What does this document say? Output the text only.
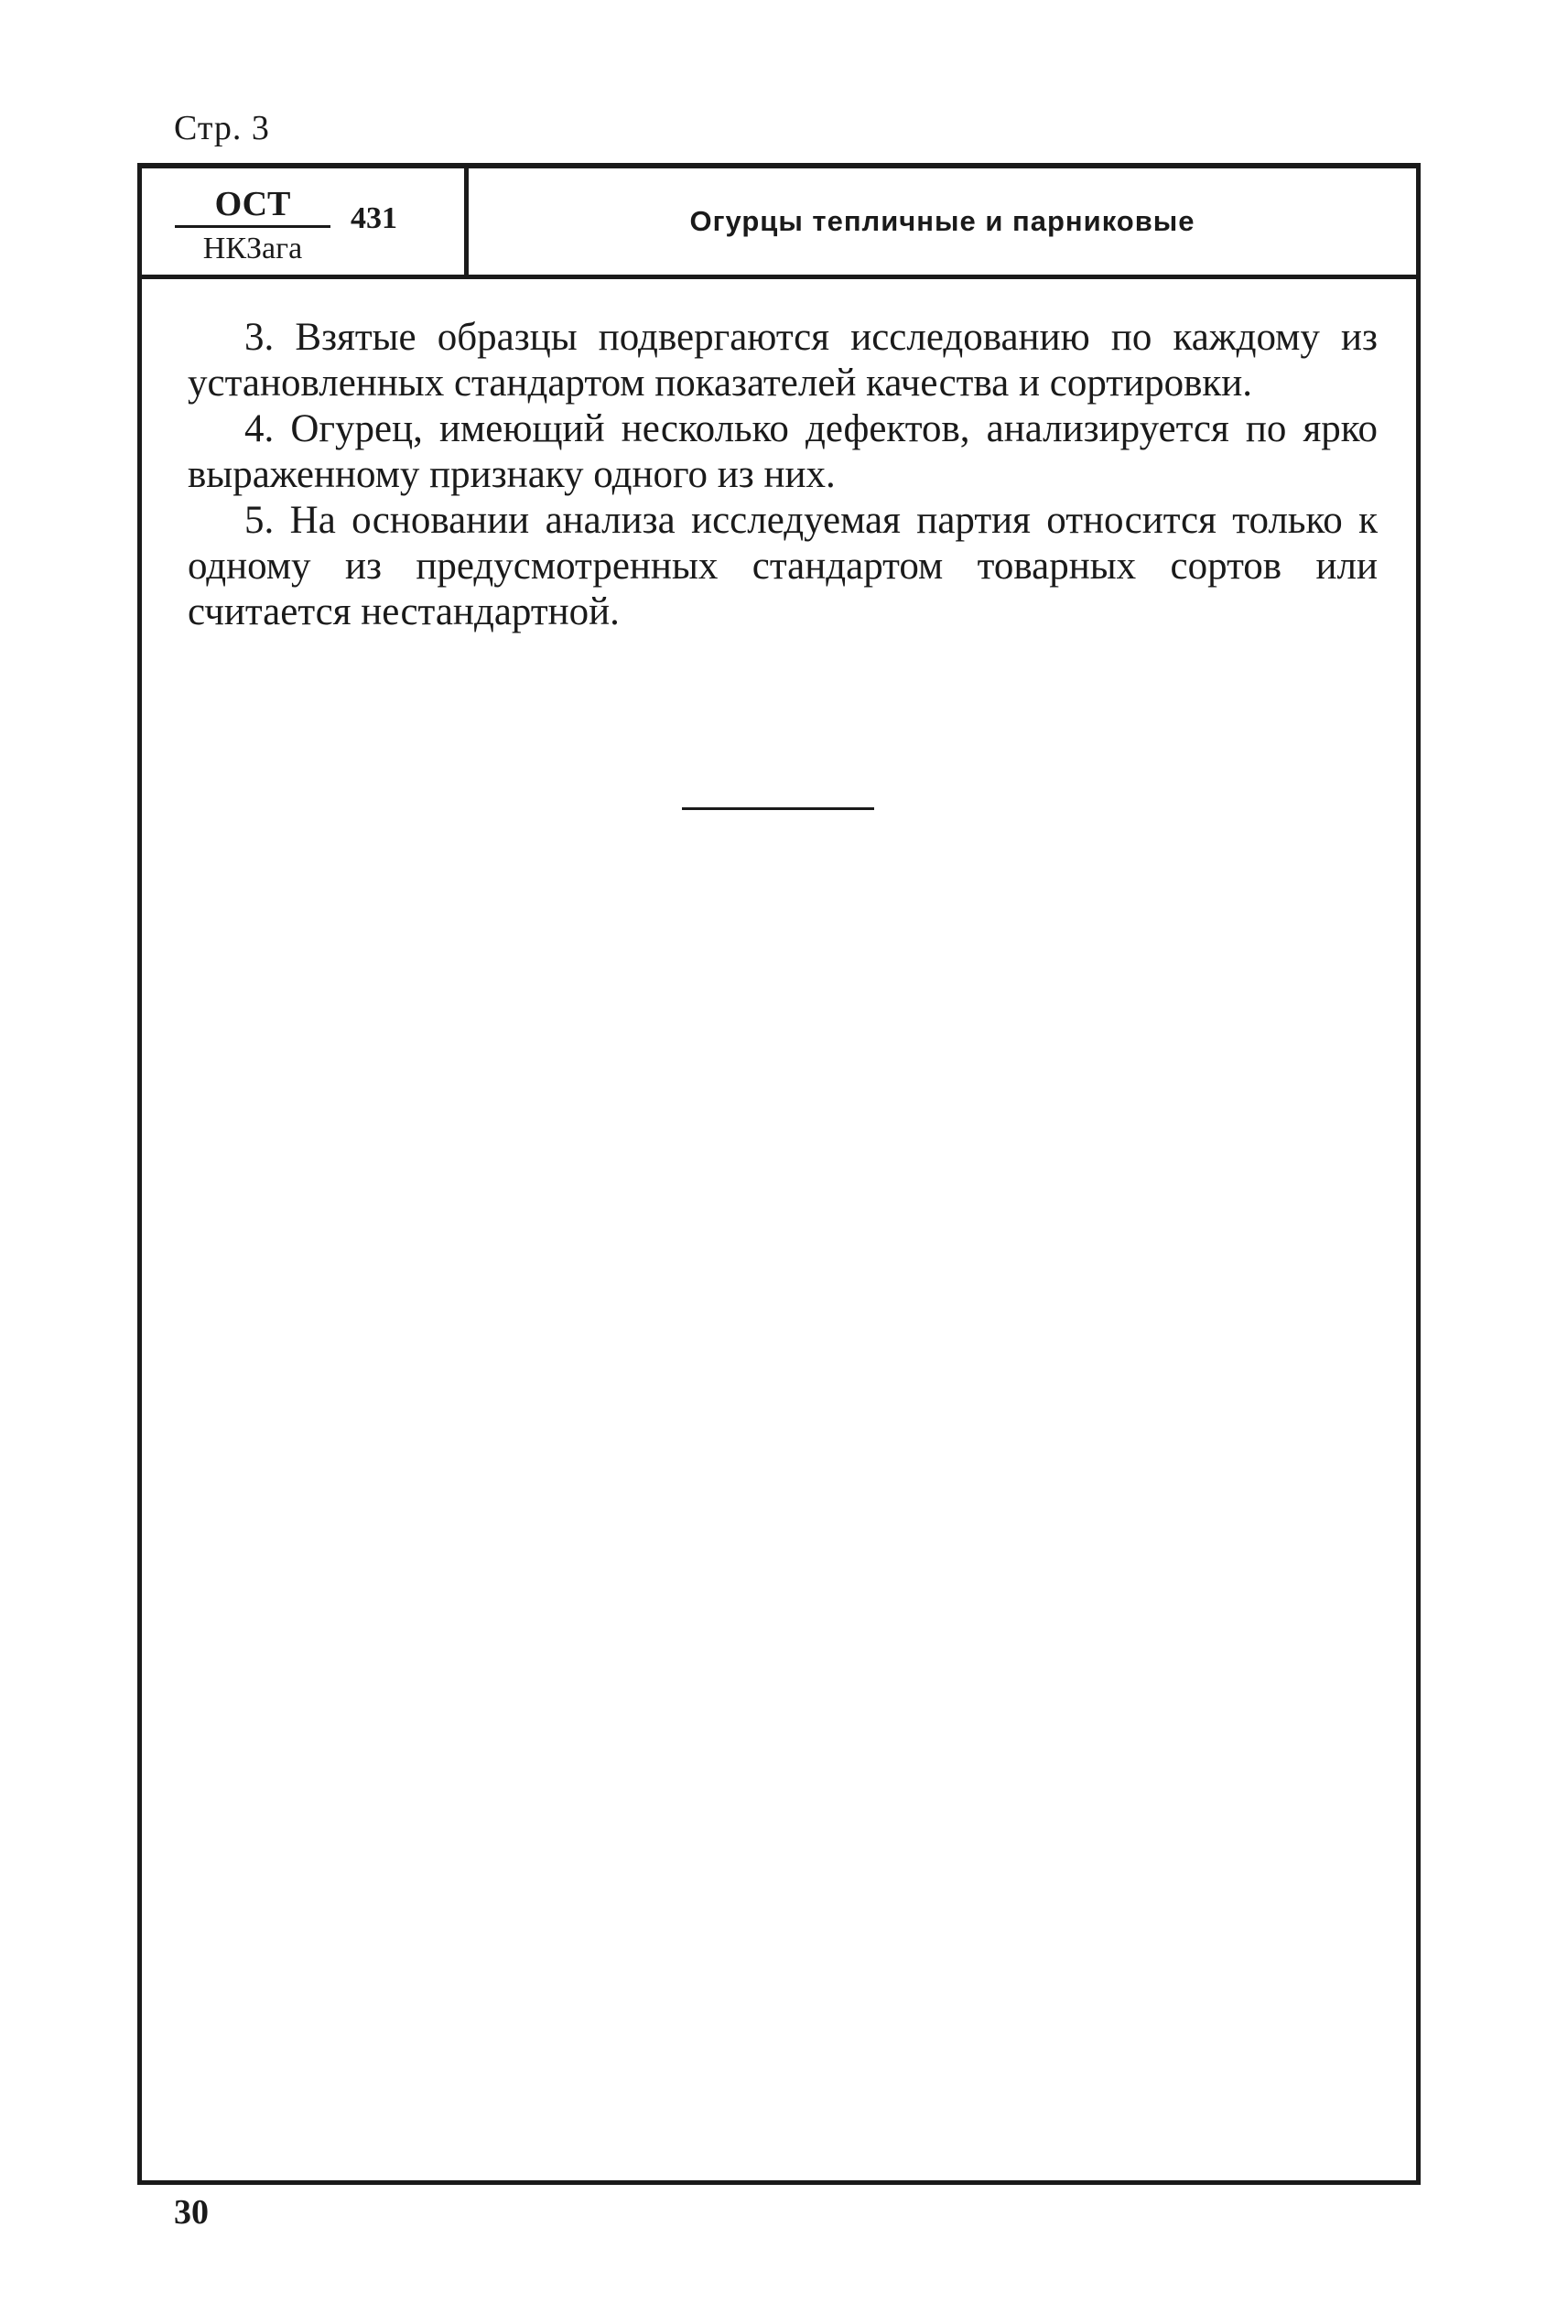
Стр. 3
ОСТ
НКЗага
431	Огурцы тепличные и парниковые

3. Взятые образцы подвергаются исследованию по каждому из установленных стандартом показателей качества и сортировки.

4. Огурец, имеющий несколько дефектов, анализируется по ярко выраженному признаку одного из них.

5. На основании анализа исследуемая партия относится только к одному из предусмотренных стандартом товарных сортов или считается нестандартной.

30
